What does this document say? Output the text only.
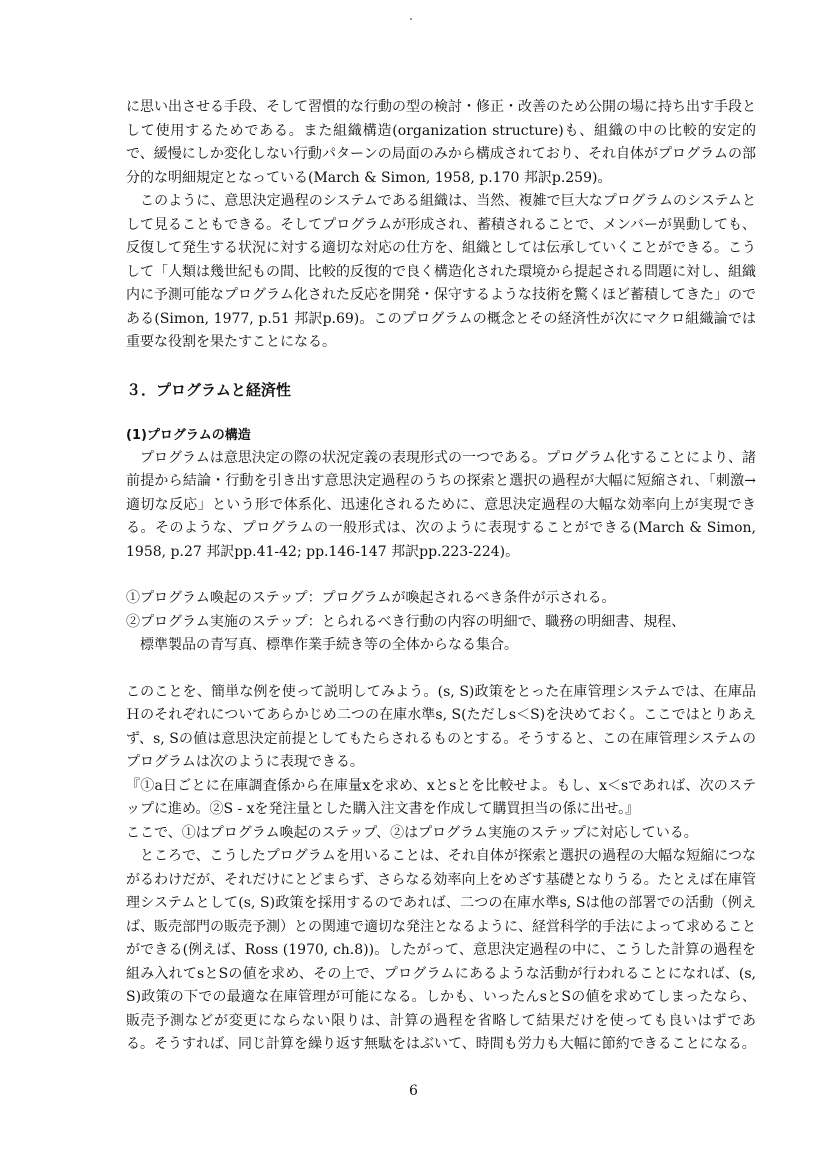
に思い出させる手段、そして習慣的な行動の型の検討・修正・改善のため公開の場に持ち出す手段として使用するためである。また組織構造(organization structure)も、組織の中の比較的安定的で、緩慢にしか変化しない行動パターンの局面のみから構成されており、それ自体がプログラムの部分的な明細規定となっている(March & Simon, 1958, p.170 邦訳p.259)。

このように、意思決定過程のシステムである組織は、当然、複雑で巨大なプログラムのシステムとして見ることもできる。そしてプログラムが形成され、蓄積されることで、メンバーが異動しても、反復して発生する状況に対する適切な対応の仕方を、組織としては伝承していくことができる。こうして「人類は幾世紀もの間、比較的反復的で良く構造化された環境から提起される問題に対し、組織内に予測可能なプログラム化された反応を開発・保守するような技術を驚くほど蓄積してきた」のである(Simon, 1977, p.51 邦訳p.69)。このプログラムの概念とその経済性が次にマクロ組織論では重要な役割を果たすことになる。

３．プログラムと経済性
(1)プログラムの構造

プログラムは意思決定の際の状況定義の表現形式の一つである。プログラム化することにより、諸前提から結論・行動を引き出す意思決定過程のうちの探索と選択の過程が大幅に短縮され、「刺激→適切な反応」という形で体系化、迅速化されるために、意思決定過程の大幅な効率向上が実現できる。そのような、プログラムの一般形式は、次のように表現することができる(March & Simon, 1958, p.27 邦訳pp.41-42; pp.146-147 邦訳pp.223-224)。

①プログラム喚起のステップ：プログラムが喚起されるべき条件が示される。

②プログラム実施のステップ：とられるべき行動の内容の明細で、職務の明細書、規程、

標準製品の青写真、標準作業手続き等の全体からなる集合。

このことを、簡単な例を使って説明してみよう。(s, S)政策をとった在庫管理システムでは、在庫品Ｈのそれぞれについてあらかじめ二つの在庫水準s, S(ただしs＜S)を決めておく。ここではとりあえず、s, Sの値は意思決定前提としてもたらされるものとする。そうすると、この在庫管理システムのプログラムは次のように表現できる。

『①a日ごとに在庫調査係から在庫量xを求め、xとsとを比較せよ。もし、x＜sであれば、次のステップに進め。②S - xを発注量とした購入注文書を作成して購買担当の係に出せ。』

ここで、①はプログラム喚起のステップ、②はプログラム実施のステップに対応している。

ところで、こうしたプログラムを用いることは、それ自体が探索と選択の過程の大幅な短縮につながるわけだが、それだけにとどまらず、さらなる効率向上をめざす基礎となりうる。たとえば在庫管理システムとして(s, S)政策を採用するのであれば、二つの在庫水準s, Sは他の部署での活動（例えば、販売部門の販売予測）との関連で適切な発注となるように、経営科学的手法によって求めることができる(例えば、Ross (1970, ch.8))。したがって、意思決定過程の中に、こうした計算の過程を組み入れてsとSの値を求め、その上で、プログラムにあるような活動が行われることになれば、(s, S)政策の下での最適な在庫管理が可能になる。しかも、いったんsとSの値を求めてしまったなら、販売予測などが変更にならない限りは、計算の過程を省略して結果だけを使っても良いはずである。そうすれば、同じ計算を繰り返す無駄をはぶいて、時間も労力も大幅に節約できることになる。

6
